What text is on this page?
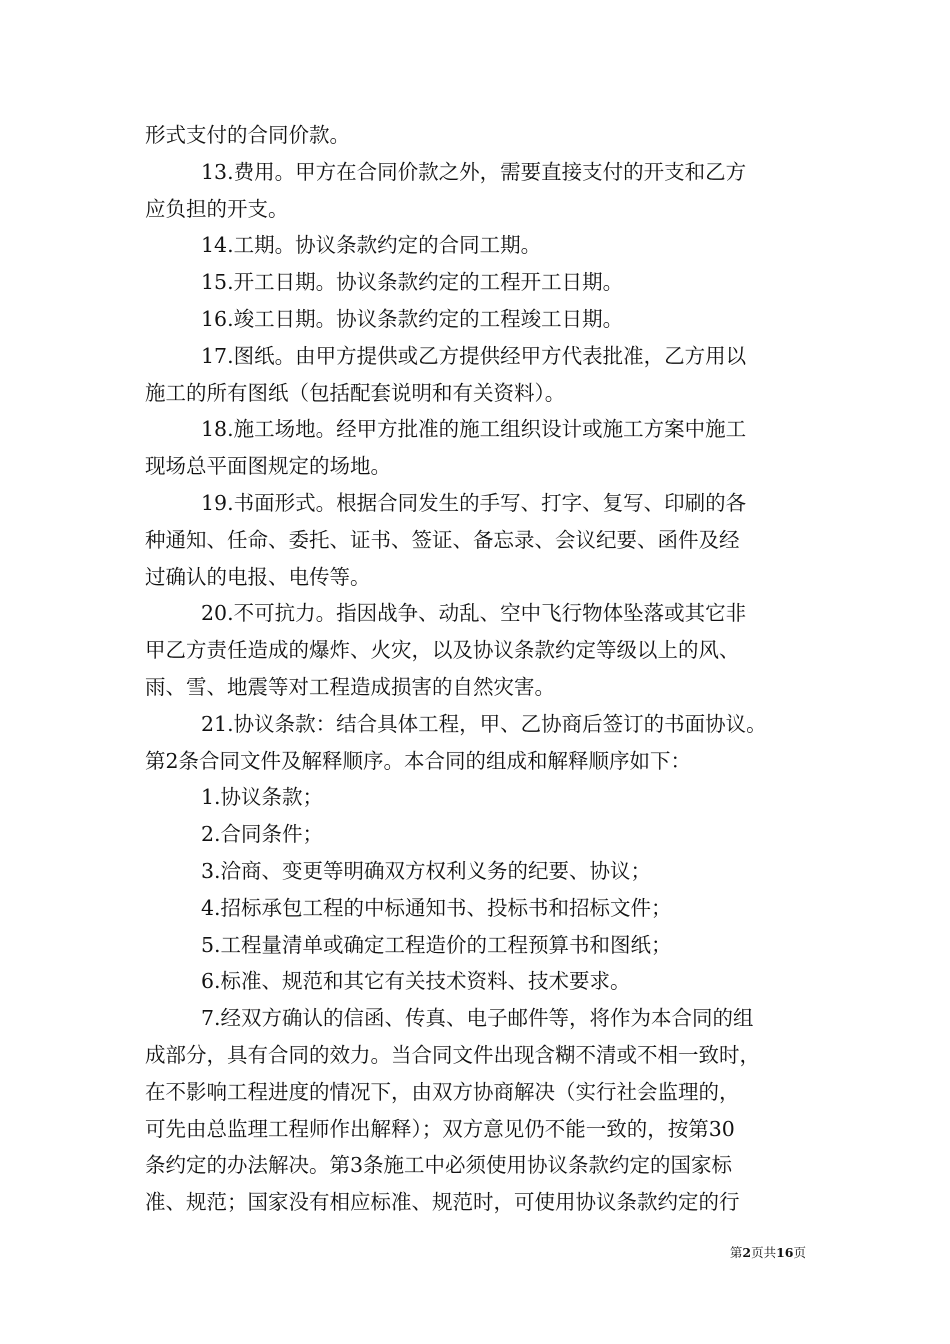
形式支付的合同价款。
13.费用。甲方在合同价款之外，需要直接支付的开支和乙方
应负担的开支。
14.工期。协议条款约定的合同工期。
15.开工日期。协议条款约定的工程开工日期。
16.竣工日期。协议条款约定的工程竣工日期。
17.图纸。由甲方提供或乙方提供经甲方代表批准，乙方用以
施工的所有图纸（包括配套说明和有关资料）。
18.施工场地。经甲方批准的施工组织设计或施工方案中施工
现场总平面图规定的场地。
19.书面形式。根据合同发生的手写、打字、复写、印刷的各
种通知、任命、委托、证书、签证、备忘录、会议纪要、函件及经
过确认的电报、电传等。
20.不可抗力。指因战争、动乱、空中飞行物体坠落或其它非
甲乙方责任造成的爆炸、火灾，以及协议条款约定等级以上的风、
雨、雪、地震等对工程造成损害的自然灾害。
21.协议条款：结合具体工程，甲、乙协商后签订的书面协议。
第2条合同文件及解释顺序。本合同的组成和解释顺序如下：
1.协议条款；
2.合同条件；
3.洽商、变更等明确双方权利义务的纪要、协议；
4.招标承包工程的中标通知书、投标书和招标文件；
5.工程量清单或确定工程造价的工程预算书和图纸；
6.标准、规范和其它有关技术资料、技术要求。
7.经双方确认的信函、传真、电子邮件等，将作为本合同的组
成部分，具有合同的效力。当合同文件出现含糊不清或不相一致时，
在不影响工程进度的情况下，由双方协商解决（实行社会监理的，
可先由总监理工程师作出解释）；双方意见仍不能一致的，按第30
条约定的办法解决。第3条施工中必须使用协议条款约定的国家标
准、规范；国家没有相应标准、规范时，可使用协议条款约定的行
第2页共16页
